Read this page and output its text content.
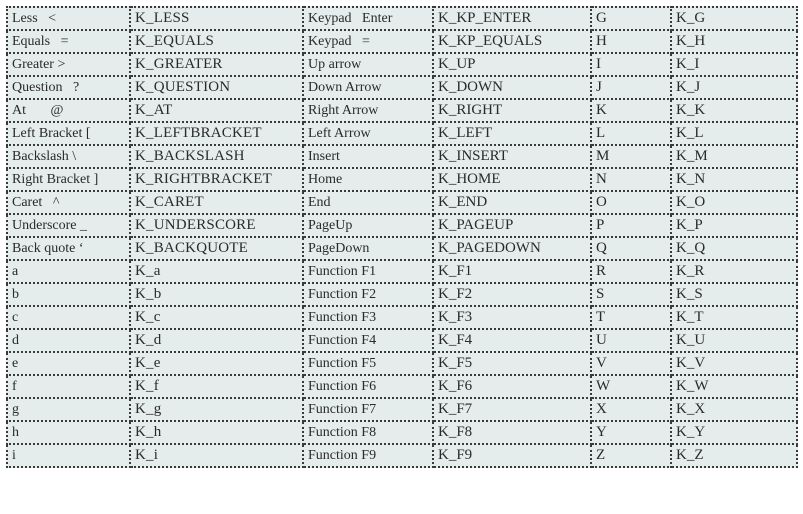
Less   <	K_LESS	Keypad   Enter	K_KP_ENTER	G	K_G
Equals   =	K_EQUALS	Keypad   =	K_KP_EQUALS	H	K_H
Greater >	K_GREATER	Up arrow	K_UP	I	K_I
Question   ?	K_QUESTION	Down Arrow	K_DOWN	J	K_J
At       @	K_AT	Right Arrow	K_RIGHT	K	K_K
Left Bracket [	K_LEFTBRACKET	Left Arrow	K_LEFT	L	K_L
Backslash \	K_BACKSLASH	Insert	K_INSERT	M	K_M
Right Bracket ]	K_RIGHTBRACKET	Home	K_HOME	N	K_N
Caret   ^	K_CARET	End	K_END	O	K_O
Underscore _	K_UNDERSCORE	PageUp	K_PAGEUP	P	K_P
Back quote ‘	K_BACKQUOTE	PageDown	K_PAGEDOWN	Q	K_Q
a	K_a	Function F1	K_F1	R	K_R
b	K_b	Function F2	K_F2	S	K_S
c	K_c	Function F3	K_F3	T	K_T
d	K_d	Function F4	K_F4	U	K_U
e	K_e	Function F5	K_F5	V	K_V
f	K_f	Function F6	K_F6	W	K_W
g	K_g	Function F7	K_F7	X	K_X
h	K_h	Function F8	K_F8	Y	K_Y
i	K_i	Function F9	K_F9	Z	K_Z
